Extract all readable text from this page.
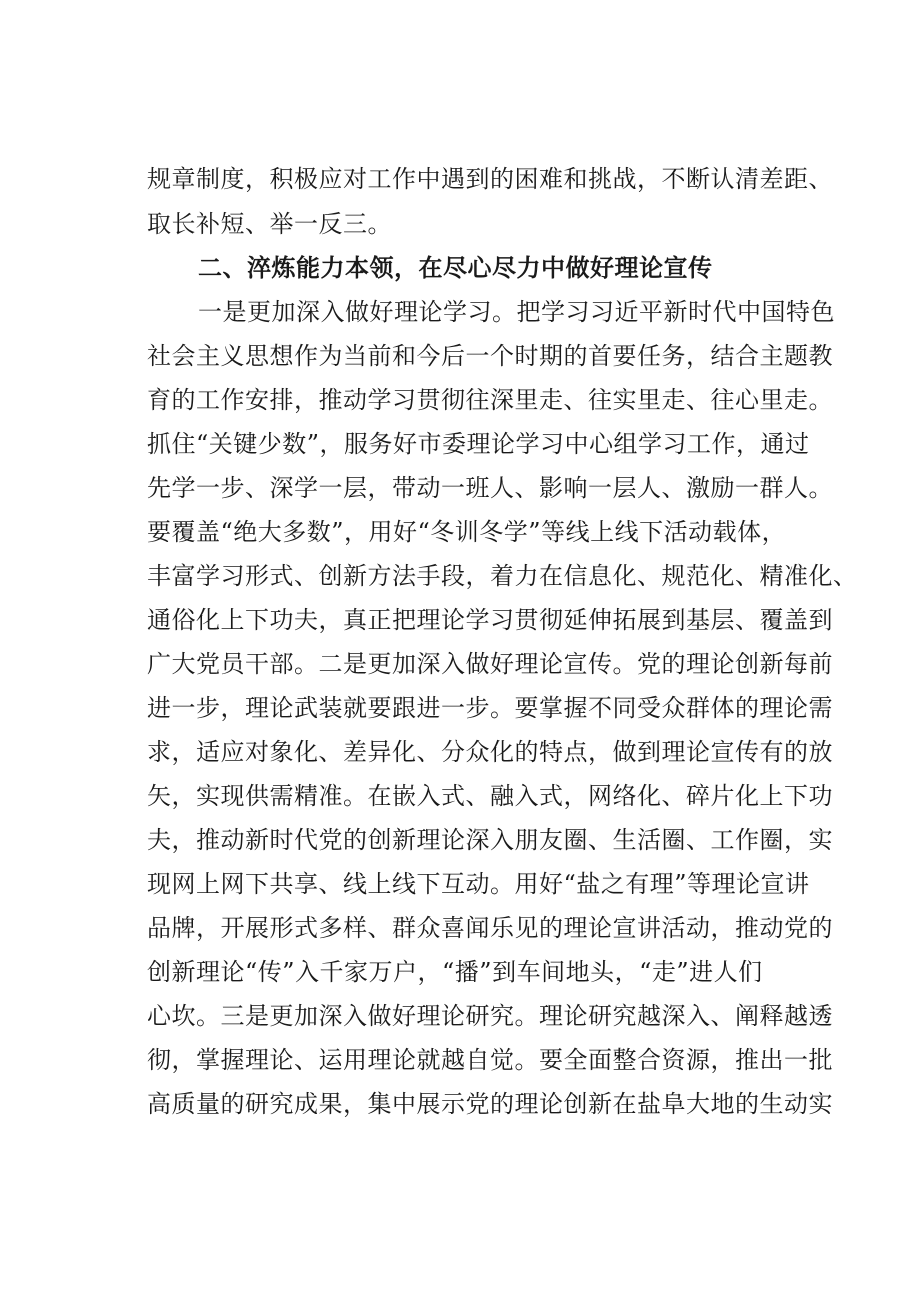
规章制度，积极应对工作中遇到的困难和挑战，不断认清差距、
取长补短、举一反三。
二、淬炼能力本领，在尽心尽力中做好理论宣传
一是更加深入做好理论学习。把学习习近平新时代中国特色
社会主义思想作为当前和今后一个时期的首要任务，结合主题教
育的工作安排，推动学习贯彻往深里走、往实里走、往心里走。
抓住“关键少数”，服务好市委理论学习中心组学习工作，通过
先学一步、深学一层，带动一班人、影响一层人、激励一群人。
要覆盖“绝大多数”，用好“冬训冬学”等线上线下活动载体，
丰富学习形式、创新方法手段，着力在信息化、规范化、精准化、
通俗化上下功夫，真正把理论学习贯彻延伸拓展到基层、覆盖到
广大党员干部。二是更加深入做好理论宣传。党的理论创新每前
进一步，理论武装就要跟进一步。要掌握不同受众群体的理论需
求，适应对象化、差异化、分众化的特点，做到理论宣传有的放
矢，实现供需精准。在嵌入式、融入式，网络化、碎片化上下功
夫，推动新时代党的创新理论深入朋友圈、生活圈、工作圈，实
现网上网下共享、线上线下互动。用好“盐之有理”等理论宣讲
品牌，开展形式多样、群众喜闻乐见的理论宣讲活动，推动党的
创新理论“传”入千家万户，“播”到车间地头，“走”进人们
心坎。三是更加深入做好理论研究。理论研究越深入、阐释越透
彻，掌握理论、运用理论就越自觉。要全面整合资源，推出一批
高质量的研究成果，集中展示党的理论创新在盐阜大地的生动实
